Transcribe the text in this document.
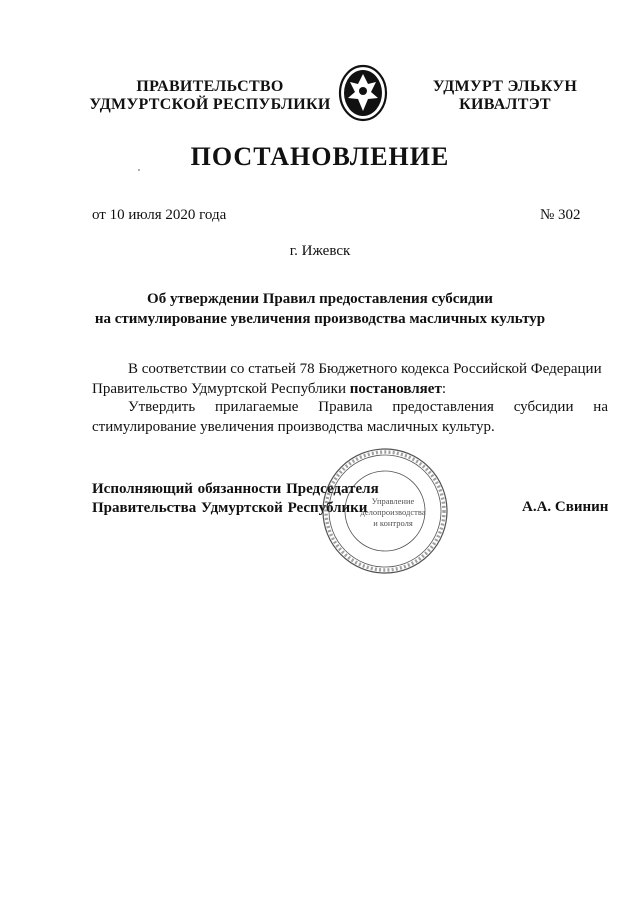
ПРАВИТЕЛЬСТВО
УДМУРТСКОЙ РЕСПУБЛИКИ
УДМУРТ ЭЛЬКУН
КИВАЛТЭТ
ПОСТАНОВЛЕНИЕ
от 10 июля 2020 года	№ 302
г. Ижевск
Об утверждении Правил предоставления субсидии
на стимулирование увеличения производства масличных культур
В соответствии со статьей 78 Бюджетного кодекса Российской Федерации
Правительство Удмуртской Республики постановляет:
Утвердить прилагаемые Правила предоставления субсидии на
стимулирование увеличения производства масличных культур.
Исполняющий обязанности Председателя
Правительства Удмуртской Республики Управление
делопроизводства
и контроля
А.А. Свинин
